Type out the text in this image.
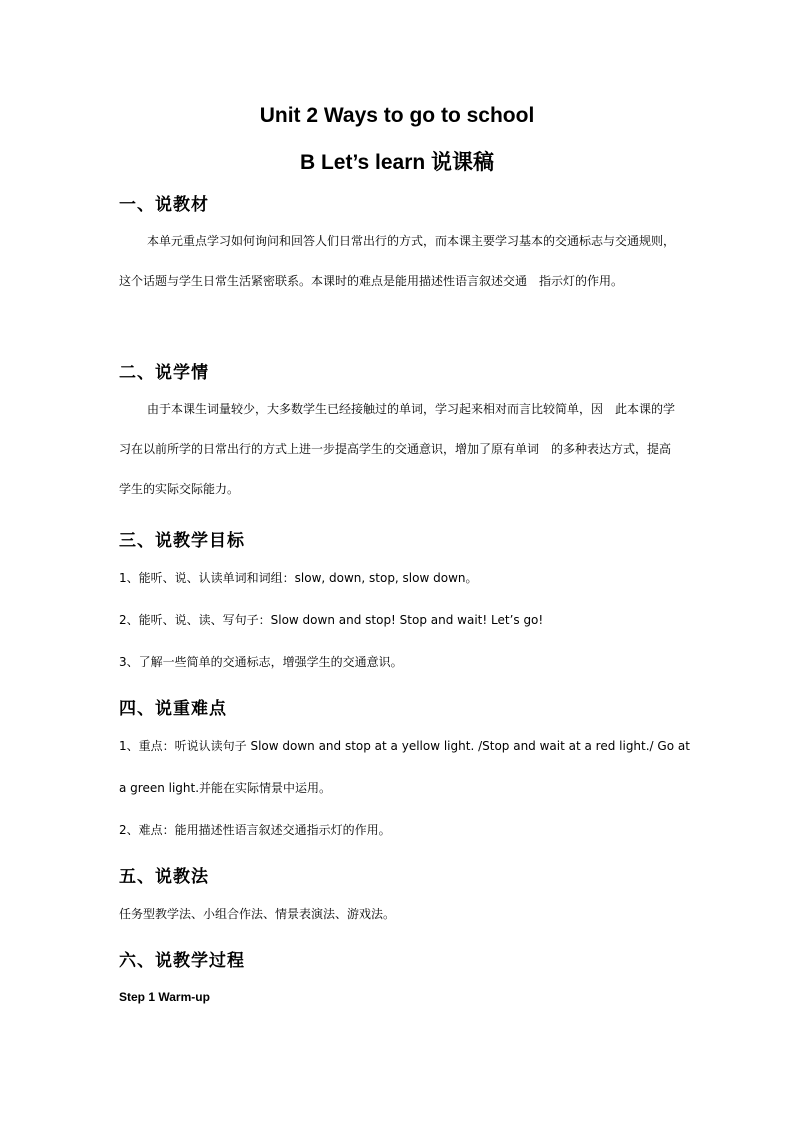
Unit 2 Ways to go to school
B Let’s learn 说课稿
一、说教材
本单元重点学习如何询问和回答人们日常出行的方式，而本课主要学习基本的交通标志与交通规则，这个话题与学生日常生活紧密联系。本课时的难点是能用描述性语言叙述交通　指示灯的作用。
二、说学情
由于本课生词量较少，大多数学生已经接触过的单词，学习起来相对而言比较简单，因　此本课的学习在以前所学的日常出行的方式上进一步提高学生的交通意识，增加了原有单词　的多种表达方式，提高学生的实际交际能力。
三、说教学目标
1、能听、说、认读单词和词组：slow, down, stop, slow down。
2、能听、说、读、写句子：Slow down and stop! Stop and wait! Let’s go!
3、了解一些简单的交通标志，增强学生的交通意识。
四、说重难点
1、重点：听说认读句子 Slow down and stop at a yellow light. /Stop and wait at a red light./ Go at
a green light.并能在实际情景中运用。
2、难点：能用描述性语言叙述交通指示灯的作用。
五、说教法
任务型教学法、小组合作法、情景表演法、游戏法。
六、说教学过程
Step 1 Warm-up
